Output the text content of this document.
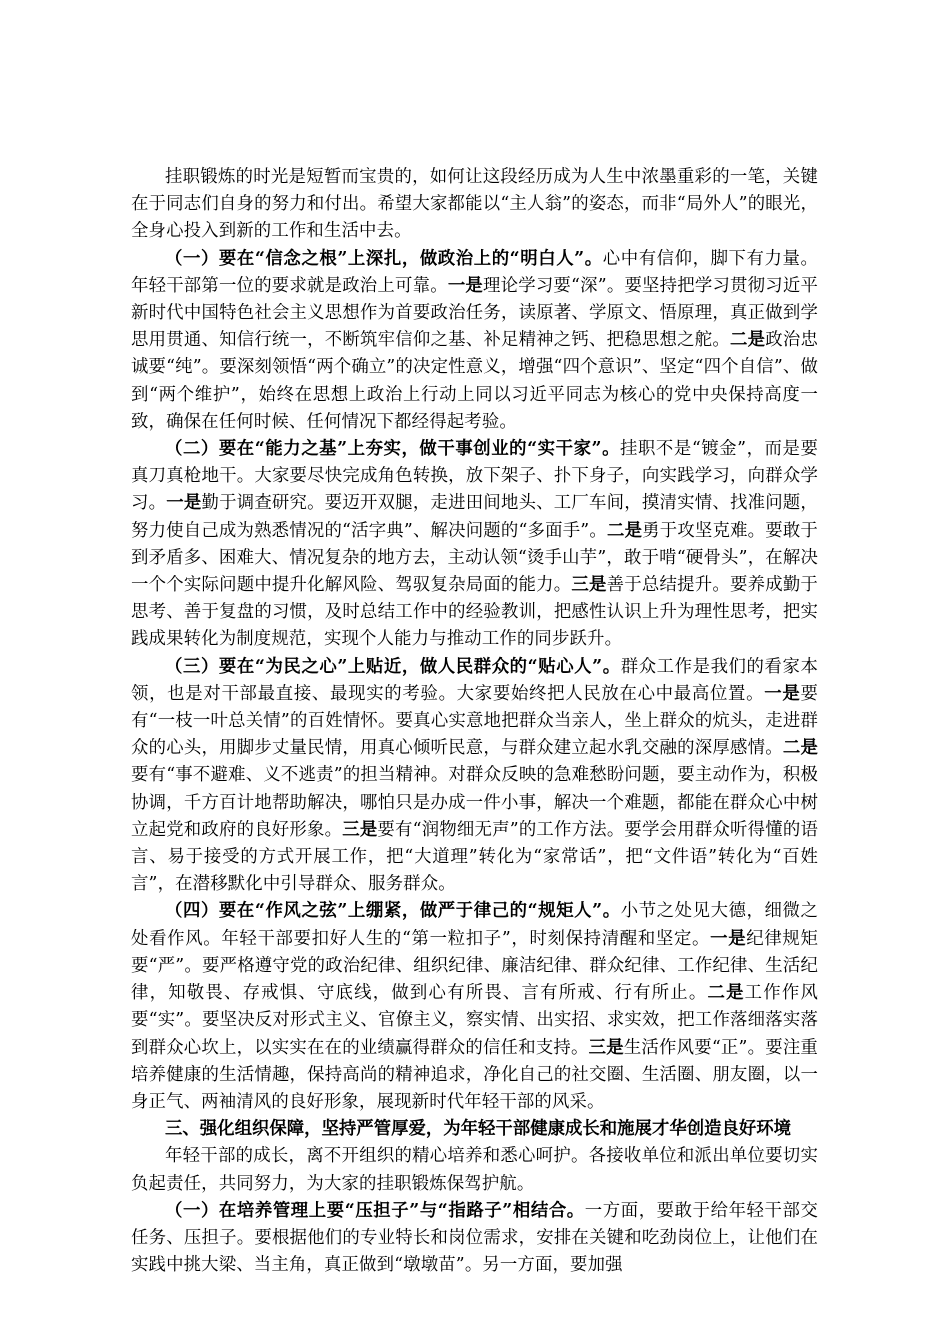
挂职锻炼的时光是短暂而宝贵的，如何让这段经历成为人生中浓墨重彩的一笔，关键在于同志们自身的努力和付出。希望大家都能以“主人翁”的姿态，而非“局外人”的眼光，全身心投入到新的工作和生活中去。

（一）要在“信念之根”上深扎，做政治上的“明白人”。心中有信仰，脚下有力量。年轻干部第一位的要求就是政治上可靠。一是理论学习要“深”。要坚持把学习贯彻习近平新时代中国特色社会主义思想作为首要政治任务，读原著、学原文、悟原理，真正做到学思用贯通、知信行统一，不断筑牢信仰之基、补足精神之钙、把稳思想之舵。二是政治忠诚要“纯”。要深刻领悟“两个确立”的决定性意义，增强“四个意识”、坚定“四个自信”、做到“两个维护”，始终在思想上政治上行动上同以习近平同志为核心的党中央保持高度一致，确保在任何时候、任何情况下都经得起考验。

（二）要在“能力之基”上夯实，做干事创业的“实干家”。挂职不是“镀金”，而是要真刀真枪地干。大家要尽快完成角色转换，放下架子、扑下身子，向实践学习，向群众学习。一是勤于调查研究。要迈开双腿，走进田间地头、工厂车间，摸清实情、找准问题，努力使自己成为熟悉情况的“活字典”、解决问题的“多面手”。二是勇于攻坚克难。要敢于到矛盾多、困难大、情况复杂的地方去，主动认领“烫手山芋”，敢于啃“硬骨头”，在解决一个个实际问题中提升化解风险、驾驭复杂局面的能力。三是善于总结提升。要养成勤于思考、善于复盘的习惯，及时总结工作中的经验教训，把感性认识上升为理性思考，把实践成果转化为制度规范，实现个人能力与推动工作的同步跃升。

（三）要在“为民之心”上贴近，做人民群众的“贴心人”。群众工作是我们的看家本领，也是对干部最直接、最现实的考验。大家要始终把人民放在心中最高位置。一是要有“一枝一叶总关情”的百姓情怀。要真心实意地把群众当亲人，坐上群众的炕头，走进群众的心头，用脚步丈量民情，用真心倾听民意，与群众建立起水乳交融的深厚感情。二是要有“事不避难、义不逃责”的担当精神。对群众反映的急难愁盼问题，要主动作为，积极协调，千方百计地帮助解决，哪怕只是办成一件小事，解决一个难题，都能在群众心中树立起党和政府的良好形象。三是要有“润物细无声”的工作方法。要学会用群众听得懂的语言、易于接受的方式开展工作，把“大道理”转化为“家常话”，把“文件语”转化为“百姓言”，在潜移默化中引导群众、服务群众。

（四）要在“作风之弦”上绷紧，做严于律己的“规矩人”。小节之处见大德，细微之处看作风。年轻干部要扣好人生的“第一粒扣子”，时刻保持清醒和坚定。一是纪律规矩要“严”。要严格遵守党的政治纪律、组织纪律、廉洁纪律、群众纪律、工作纪律、生活纪律，知敬畏、存戒惧、守底线，做到心有所畏、言有所戒、行有所止。二是工作作风要“实”。要坚决反对形式主义、官僚主义，察实情、出实招、求实效，把工作落细落实落到群众心坎上，以实实在在的业绩赢得群众的信任和支持。三是生活作风要“正”。要注重培养健康的生活情趣，保持高尚的精神追求，净化自己的社交圈、生活圈、朋友圈，以一身正气、两袖清风的良好形象，展现新时代年轻干部的风采。

三、强化组织保障，坚持严管厚爱，为年轻干部健康成长和施展才华创造良好环境

年轻干部的成长，离不开组织的精心培养和悉心呵护。各接收单位和派出单位要切实负起责任，共同努力，为大家的挂职锻炼保驾护航。

（一）在培养管理上要“压担子”与“指路子”相结合。一方面，要敢于给年轻干部交任务、压担子。要根据他们的专业特长和岗位需求，安排在关键和吃劲岗位上，让他们在实践中挑大梁、当主角，真正做到“墩墩苗”。另一方面，要加强
